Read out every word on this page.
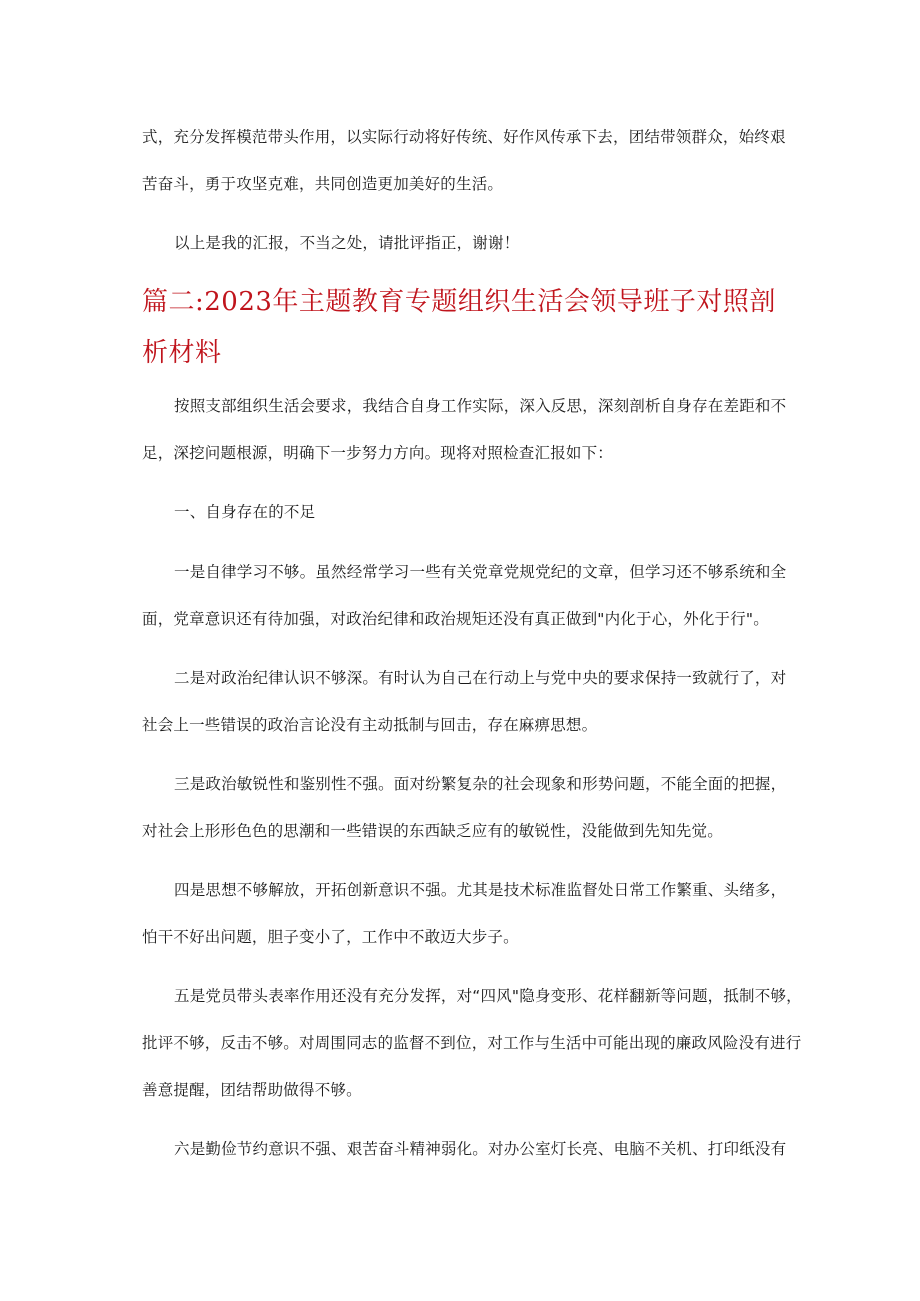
式，充分发挥模范带头作用，以实际行动将好传统、好作风传承下去，团结带领群众，始终艰
苦奋斗，勇于攻坚克难，共同创造更加美好的生活。
以上是我的汇报，不当之处，请批评指正，谢谢！
篇二:2023年主题教育专题组织生活会领导班子对照剖
析材料
按照支部组织生活会要求，我结合自身工作实际，深入反思，深刻剖析自身存在差距和不
足，深挖问题根源，明确下一步努力方向。现将对照检查汇报如下：
一、自身存在的不足
一是自律学习不够。虽然经常学习一些有关党章党规党纪的文章，但学习还不够系统和全
面，党章意识还有待加强，对政治纪律和政治规矩还没有真正做到"内化于心，外化于行"。
二是对政治纪律认识不够深。有时认为自己在行动上与党中央的要求保持一致就行了，对
社会上一些错误的政治言论没有主动抵制与回击，存在麻痹思想。
三是政治敏锐性和鉴别性不强。面对纷繁复杂的社会现象和形势问题，不能全面的把握，
对社会上形形色色的思潮和一些错误的东西缺乏应有的敏锐性，没能做到先知先觉。
四是思想不够解放，开拓创新意识不强。尤其是技术标准监督处日常工作繁重、头绪多，
怕干不好出问题，胆子变小了，工作中不敢迈大步子。
五是党员带头表率作用还没有充分发挥，对“四风"隐身变形、花样翻新等问题，抵制不够，
批评不够，反击不够。对周围同志的监督不到位，对工作与生活中可能出现的廉政风险没有进行
善意提醒，团结帮助做得不够。
六是勤俭节约意识不强、艰苦奋斗精神弱化。对办公室灯长亮、电脑不关机、打印纸没有
